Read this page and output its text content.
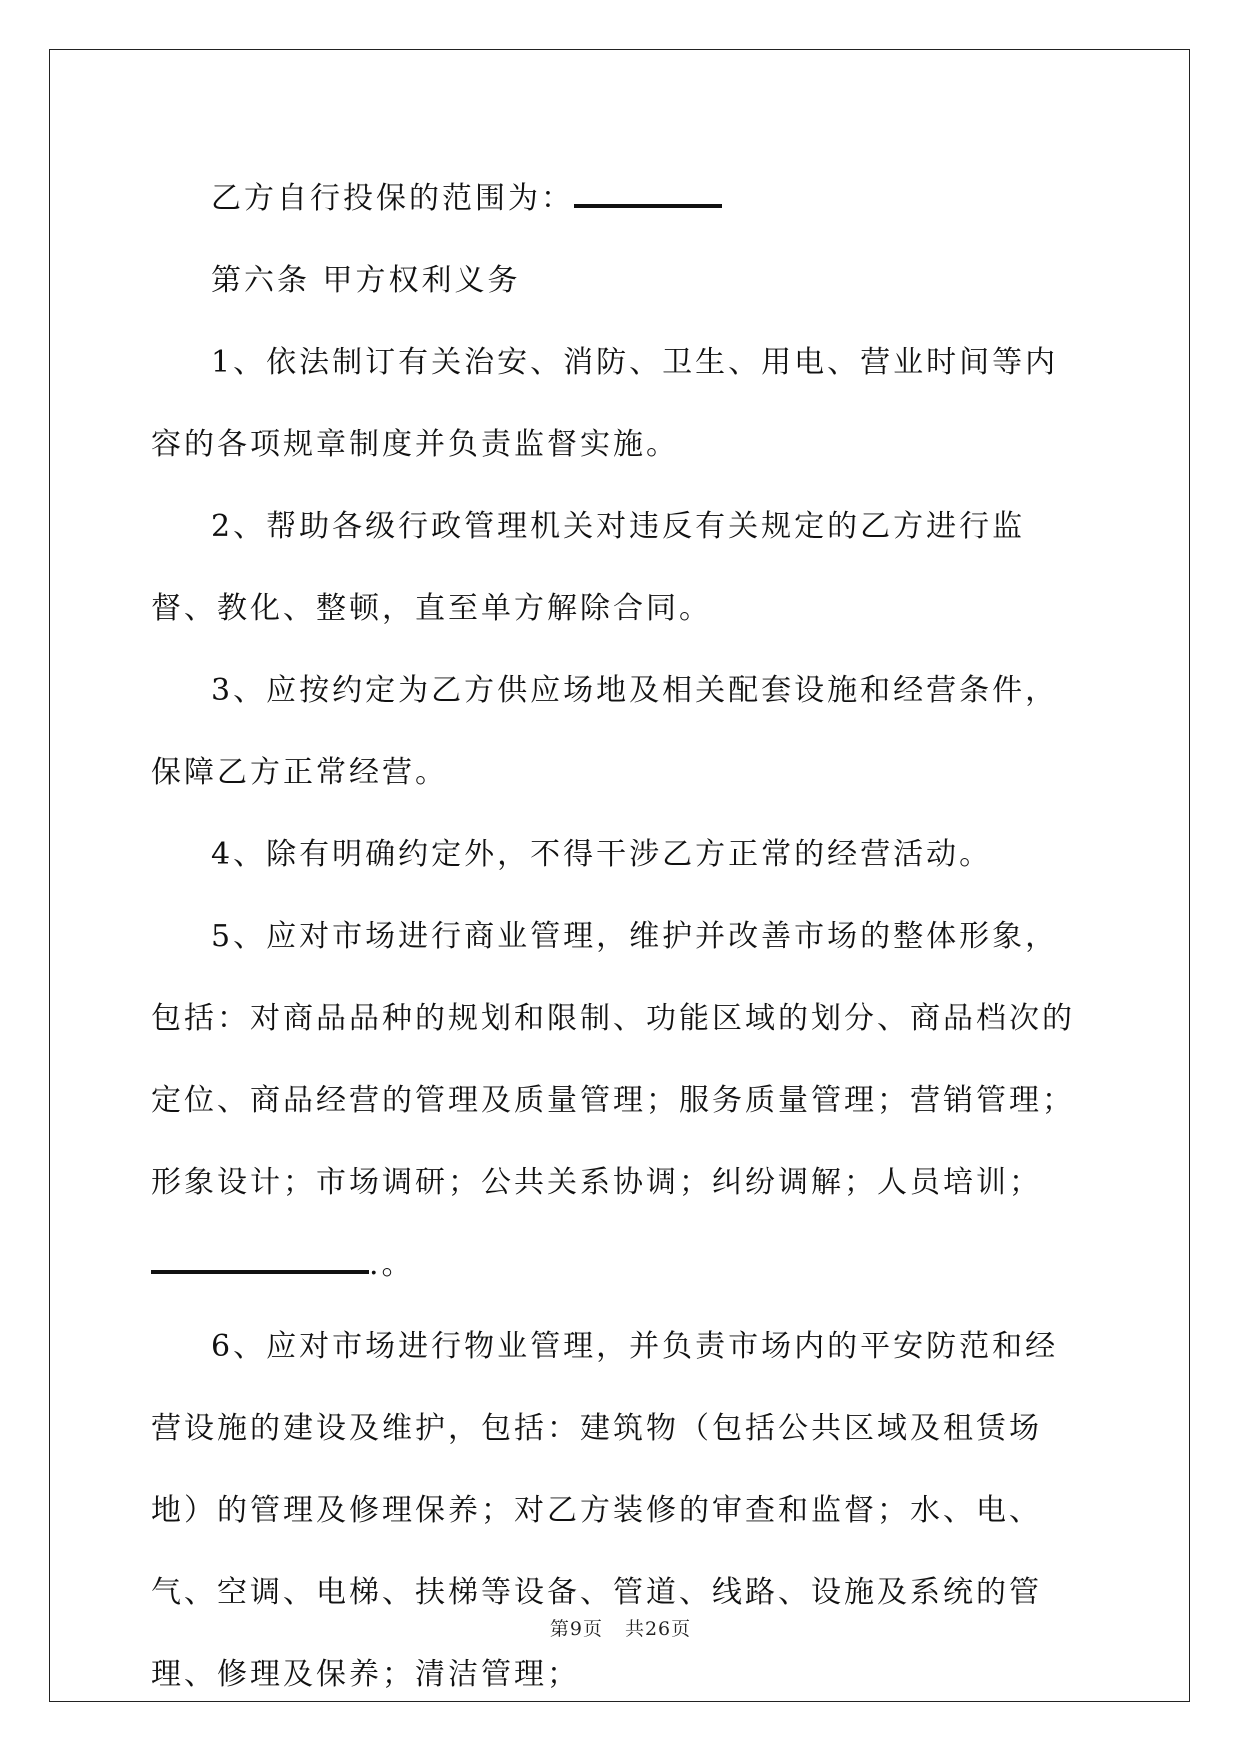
乙方自行投保的范围为：

第六条 甲方权利义务

1、依法制订有关治安、消防、卫生、用电、营业时间等内容的各项规章制度并负责监督实施。

2、帮助各级行政管理机关对违反有关规定的乙方进行监督、教化、整顿，直至单方解除合同。

3、应按约定为乙方供应场地及相关配套设施和经营条件，保障乙方正常经营。

4、除有明确约定外，不得干涉乙方正常的经营活动。

5、应对市场进行商业管理，维护并改善市场的整体形象，包括：对商品品种的规划和限制、功能区域的划分、商品档次的定位、商品经营的管理及质量管理；服务质量管理；营销管理；形象设计；市场调研；公共关系协调；纠纷调解；人员培训；.。

6、应对市场进行物业管理，并负责市场内的平安防范和经营设施的建设及维护，包括：建筑物（包括公共区域及租赁场地）的管理及修理保养；对乙方装修的审查和监督；水、电、气、空调、电梯、扶梯等设备、管道、线路、设施及系统的管理、修理及保养；清洁管理；

第9页 共26页
